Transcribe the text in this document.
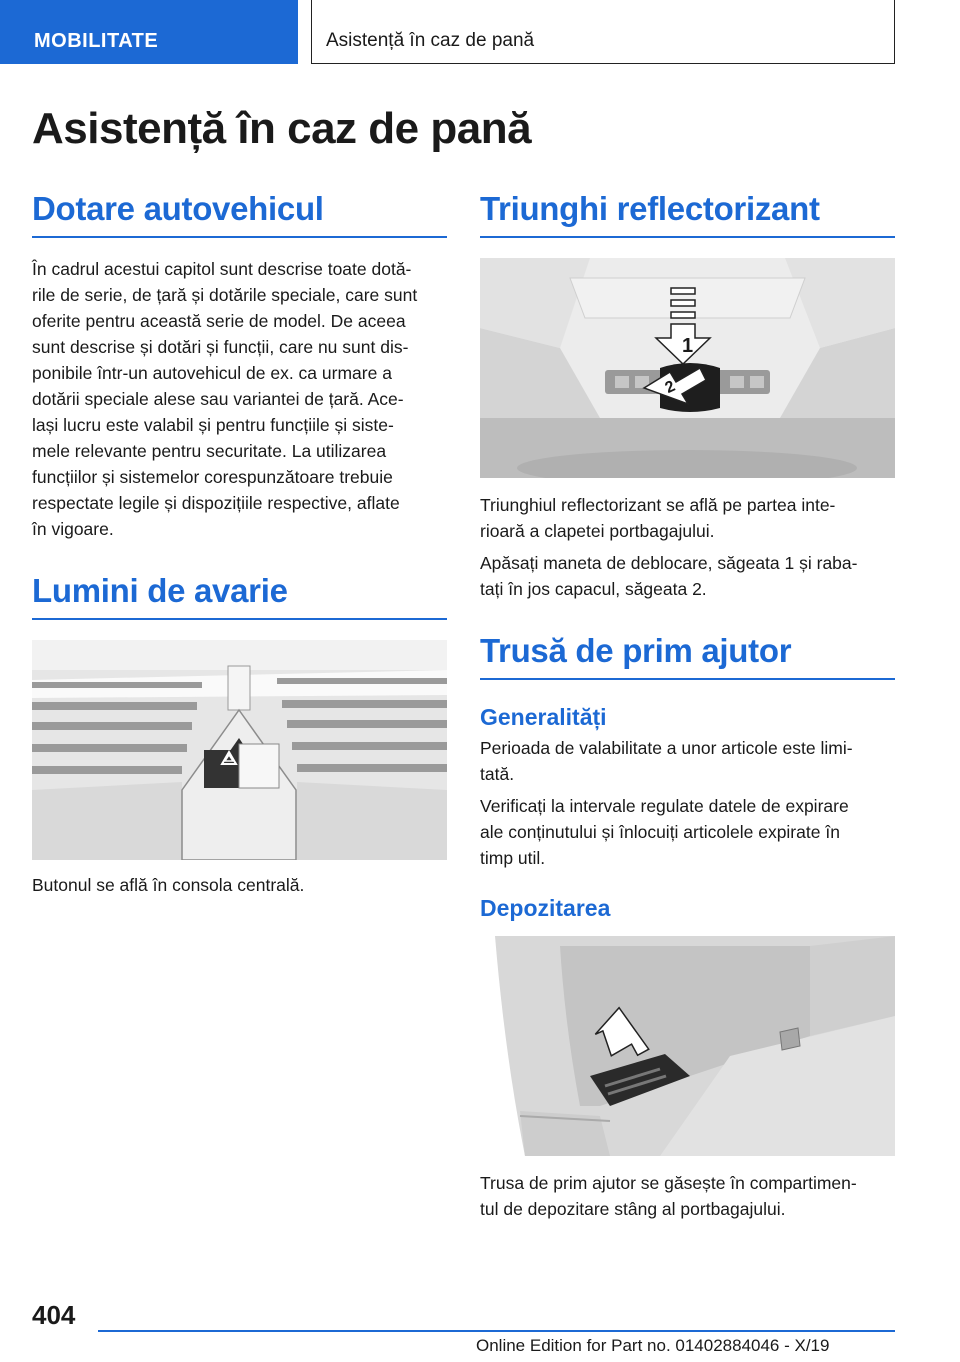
MOBILITATE	Asistență în caz de pană
Asistență în caz de pană
Dotare autovehicul
În cadrul acestui capitol sunt descrise toate dotă-
rile de serie, de țară și dotările speciale, care sunt
oferite pentru această serie de model. De aceea
sunt descrise și dotări și funcții, care nu sunt dis-
ponibile într-un autovehicul de ex. ca urmare a
dotării speciale alese sau variantei de țară. Ace-
lași lucru este valabil și pentru funcțiile și siste-
mele relevante pentru securitate. La utilizarea
funcțiilor și sistemelor corespunzătoare trebuie
respectate legile și dispozițiile respective, aflate
în vigoare.
Lumini de avarie
Butonul se află în consola centrală.
Triunghi reflectorizant
1
2
Triunghiul reflectorizant se află pe partea inte-
rioară a clapetei portbagajului.
Apăsați maneta de deblocare, săgeata 1 și raba-
tați în jos capacul, săgeata 2.
Trusă de prim ajutor
Generalități
Perioada de valabilitate a unor articole este limi-
tată.
Verificați la intervale regulate datele de expirare
ale conținutului și înlocuiți articolele expirate în
timp util.
Depozitarea
Trusa de prim ajutor se găsește în compartimen-
tul de depozitare stâng al portbagajului.
404
Online Edition for Part no. 01402884046 - X/19
